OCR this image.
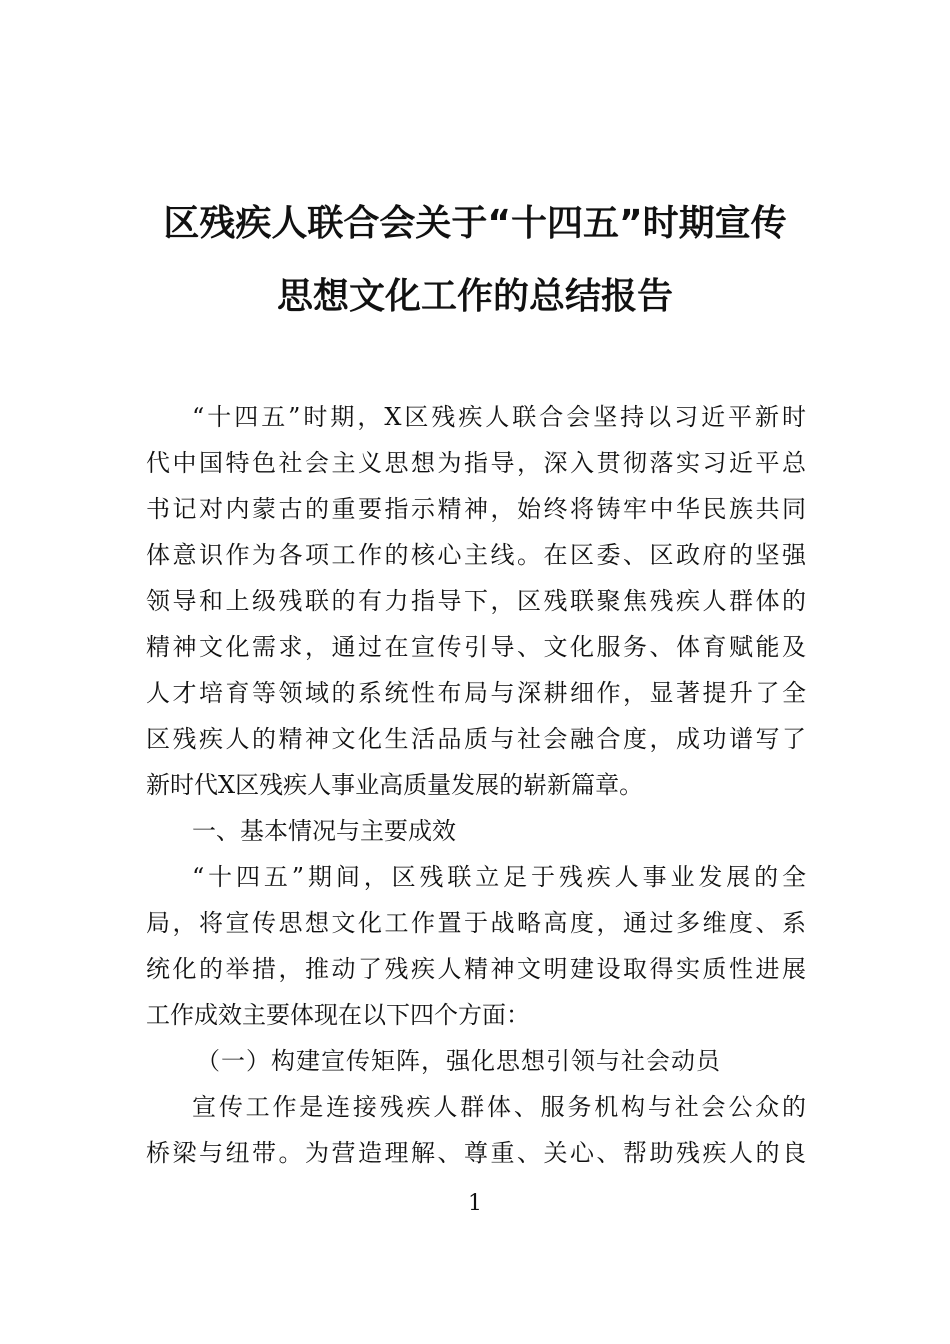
区残疾人联合会关于“十四五”时期宣传
思想文化工作的总结报告
“十四五”时期，X区残疾人联合会坚持以习近平新时
代中国特色社会主义思想为指导，深入贯彻落实习近平总
书记对内蒙古的重要指示精神，始终将铸牢中华民族共同
体意识作为各项工作的核心主线。在区委、区政府的坚强
领导和上级残联的有力指导下，区残联聚焦残疾人群体的
精神文化需求，通过在宣传引导、文化服务、体育赋能及
人才培育等领域的系统性布局与深耕细作，显著提升了全
区残疾人的精神文化生活品质与社会融合度，成功谱写了
新时代X区残疾人事业高质量发展的崭新篇章。
一、基本情况与主要成效
“十四五”期间，区残联立足于残疾人事业发展的全
局，将宣传思想文化工作置于战略高度，通过多维度、系
统化的举措，推动了残疾人精神文明建设取得实质性进展
工作成效主要体现在以下四个方面：
（一）构建宣传矩阵，强化思想引领与社会动员
宣传工作是连接残疾人群体、服务机构与社会公众的
桥梁与纽带。为营造理解、尊重、关心、帮助残疾人的良
1
